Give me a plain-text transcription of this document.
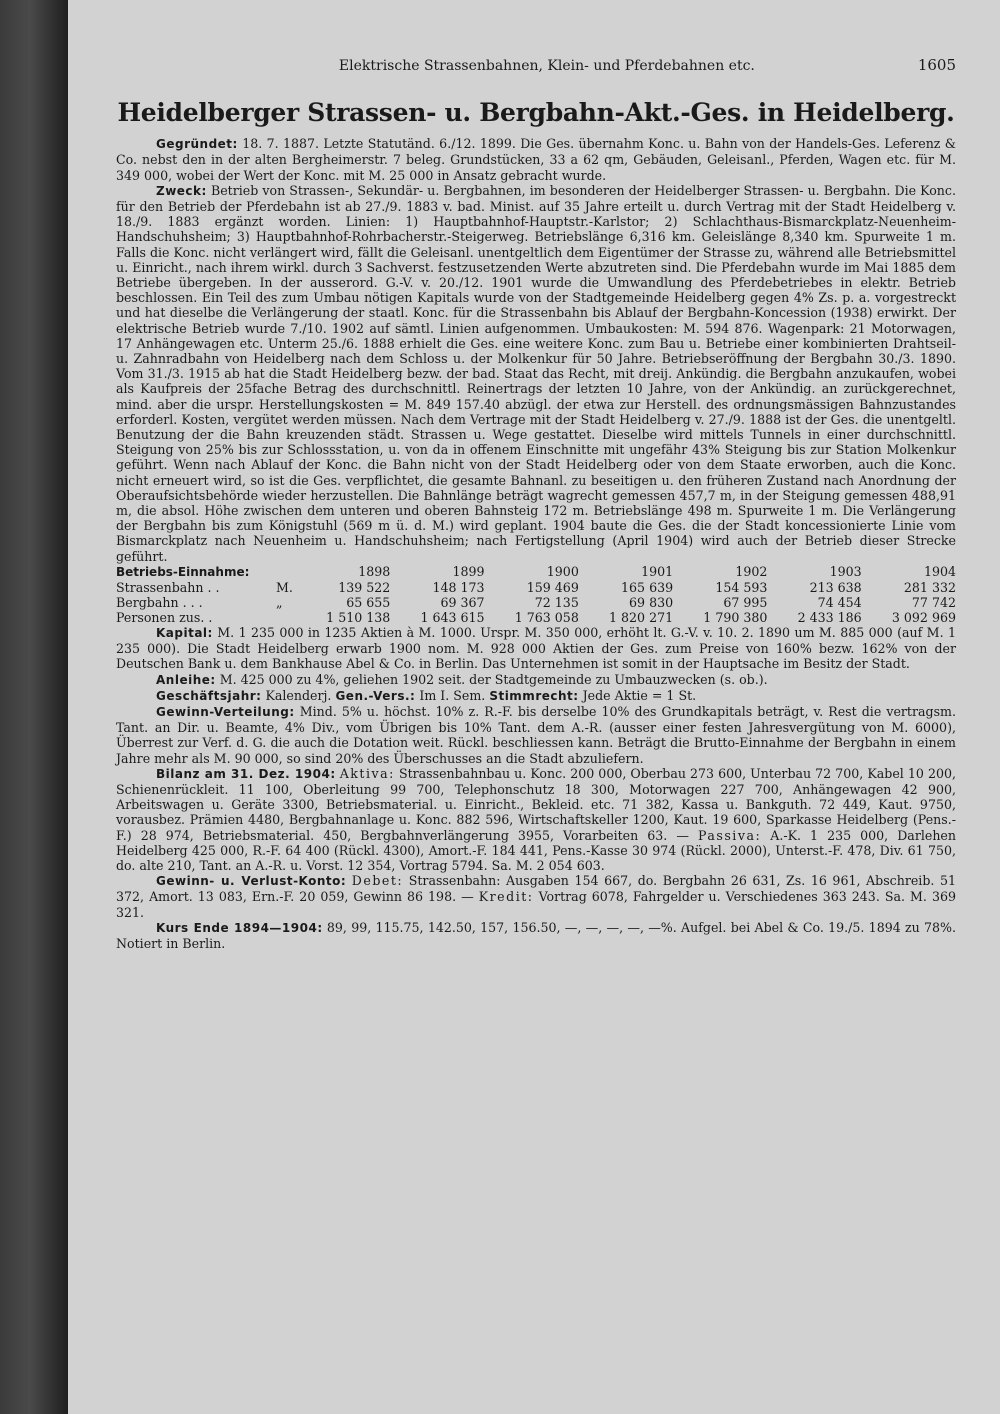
Elektrische Strassenbahnen, Klein- und Pferdebahnen etc.	1605
Heidelberger Strassen- u. Bergbahn-Akt.-Ges. in Heidelberg.

Gegründet: 18. 7. 1887. Letzte Statutänd. 6./12. 1899. Die Ges. übernahm Konc. u. Bahn von der Handels-Ges. Leferenz & Co. nebst den in der alten Bergheimerstr. 7 beleg. Grundstücken, 33 a 62 qm, Gebäuden, Geleisanl., Pferden, Wagen etc. für M. 349 000, wobei der Wert der Konc. mit M. 25 000 in Ansatz gebracht wurde.

Zweck: Betrieb von Strassen-, Sekundär- u. Bergbahnen, im besonderen der Heidelberger Strassen- u. Bergbahn. Die Konc. für den Betrieb der Pferdebahn ist ab 27./9. 1883 v. bad. Minist. auf 35 Jahre erteilt u. durch Vertrag mit der Stadt Heidelberg v. 18./9. 1883 ergänzt worden. Linien: 1) Hauptbahnhof-Hauptstr.-Karlstor; 2) Schlachthaus-Bismarckplatz-Neuenheim-Handschuhsheim; 3) Hauptbahnhof-Rohrbacherstr.-Steigerweg. Betriebslänge 6,316 km. Geleislänge 8,340 km. Spurweite 1 m. Falls die Konc. nicht verlängert wird, fällt die Geleisanl. unentgeltlich dem Eigentümer der Strasse zu, während alle Betriebsmittel u. Einricht., nach ihrem wirkl. durch 3 Sachverst. festzusetzenden Werte abzutreten sind. Die Pferdebahn wurde im Mai 1885 dem Betriebe übergeben. In der ausserord. G.-V. v. 20./12. 1901 wurde die Umwandlung des Pferdebetriebes in elektr. Betrieb beschlossen. Ein Teil des zum Umbau nötigen Kapitals wurde von der Stadtgemeinde Heidelberg gegen 4% Zs. p. a. vorgestreckt und hat dieselbe die Verlängerung der staatl. Konc. für die Strassenbahn bis Ablauf der Bergbahn-Koncession (1938) erwirkt. Der elektrische Betrieb wurde 7./10. 1902 auf sämtl. Linien aufgenommen. Umbaukosten: M. 594 876. Wagenpark: 21 Motorwagen, 17 Anhängewagen etc. Unterm 25./6. 1888 erhielt die Ges. eine weitere Konc. zum Bau u. Betriebe einer kombinierten Drahtseil- u. Zahnradbahn von Heidelberg nach dem Schloss u. der Molkenkur für 50 Jahre. Betriebseröffnung der Bergbahn 30./3. 1890. Vom 31./3. 1915 ab hat die Stadt Heidelberg bezw. der bad. Staat das Recht, mit dreij. Ankündig. die Bergbahn anzukaufen, wobei als Kaufpreis der 25fache Betrag des durchschnittl. Reinertrags der letzten 10 Jahre, von der Ankündig. an zurückgerechnet, mind. aber die urspr. Herstellungskosten = M. 849 157.40 abzügl. der etwa zur Herstell. des ordnungsmässigen Bahnzustandes erforderl. Kosten, vergütet werden müssen. Nach dem Vertrage mit der Stadt Heidelberg v. 27./9. 1888 ist der Ges. die unentgeltl. Benutzung der die Bahn kreuzenden städt. Strassen u. Wege gestattet. Dieselbe wird mittels Tunnels in einer durchschnittl. Steigung von 25% bis zur Schlossstation, u. von da in offenem Einschnitte mit ungefähr 43% Steigung bis zur Station Molkenkur geführt. Wenn nach Ablauf der Konc. die Bahn nicht von der Stadt Heidelberg oder von dem Staate erworben, auch die Konc. nicht erneuert wird, so ist die Ges. verpflichtet, die gesamte Bahnanl. zu beseitigen u. den früheren Zustand nach Anordnung der Oberaufsichtsbehörde wieder herzustellen. Die Bahnlänge beträgt wagrecht gemessen 457,7 m, in der Steigung gemessen 488,91 m, die absol. Höhe zwischen dem unteren und oberen Bahnsteig 172 m. Betriebslänge 498 m. Spurweite 1 m. Die Verlängerung der Bergbahn bis zum Königstuhl (569 m ü. d. M.) wird geplant. 1904 baute die Ges. die der Stadt koncessionierte Linie vom Bismarckplatz nach Neuenheim u. Handschuhsheim; nach Fertigstellung (April 1904) wird auch der Betrieb dieser Strecke geführt.

Betriebs-Einnahme:		1898	1899	1900	1901	1902	1903	1904
Strassenbahn . .	M.	139 522	148 173	159 469	165 639	154 593	213 638	281 332
Bergbahn . . .	„	65 655	69 367	72 135	69 830	67 995	74 454	77 742
Personen zus. .		1 510 138	1 643 615	1 763 058	1 820 271	1 790 380	2 433 186	3 092 969

Kapital: M. 1 235 000 in 1235 Aktien à M. 1000. Urspr. M. 350 000, erhöht lt. G.-V. v. 10. 2. 1890 um M. 885 000 (auf M. 1 235 000). Die Stadt Heidelberg erwarb 1900 nom. M. 928 000 Aktien der Ges. zum Preise von 160% bezw. 162% von der Deutschen Bank u. dem Bankhause Abel & Co. in Berlin. Das Unternehmen ist somit in der Hauptsache im Besitz der Stadt.

Anleihe: M. 425 000 zu 4%, geliehen 1902 seit. der Stadtgemeinde zu Umbauzwecken (s. ob.).

Geschäftsjahr: Kalenderj. Gen.-Vers.: Im I. Sem. Stimmrecht: Jede Aktie = 1 St.

Gewinn-Verteilung: Mind. 5% u. höchst. 10% z. R.-F. bis derselbe 10% des Grundkapitals beträgt, v. Rest die vertragsm. Tant. an Dir. u. Beamte, 4% Div., vom Übrigen bis 10% Tant. dem A.-R. (ausser einer festen Jahresvergütung von M. 6000), Überrest zur Verf. d. G. die auch die Dotation weit. Rückl. beschliessen kann. Beträgt die Brutto-Einnahme der Bergbahn in einem Jahre mehr als M. 90 000, so sind 20% des Überschusses an die Stadt abzuliefern.

Bilanz am 31. Dez. 1904: Aktiva: Strassenbahnbau u. Konc. 200 000, Oberbau 273 600, Unterbau 72 700, Kabel 10 200, Schienenrückleit. 11 100, Oberleitung 99 700, Telephonschutz 18 300, Motorwagen 227 700, Anhängewagen 42 900, Arbeitswagen u. Geräte 3300, Betriebsmaterial. u. Einricht., Bekleid. etc. 71 382, Kassa u. Bankguth. 72 449, Kaut. 9750, vorausbez. Prämien 4480, Bergbahnanlage u. Konc. 882 596, Wirtschaftskeller 1200, Kaut. 19 600, Sparkasse Heidelberg (Pens.-F.) 28 974, Betriebsmaterial. 450, Bergbahnverlängerung 3955, Vorarbeiten 63. — Passiva: A.-K. 1 235 000, Darlehen Heidelberg 425 000, R.-F. 64 400 (Rückl. 4300), Amort.-F. 184 441, Pens.-Kasse 30 974 (Rückl. 2000), Unterst.-F. 478, Div. 61 750, do. alte 210, Tant. an A.-R. u. Vorst. 12 354, Vortrag 5794. Sa. M. 2 054 603.

Gewinn- u. Verlust-Konto: Debet: Strassenbahn: Ausgaben 154 667, do. Bergbahn 26 631, Zs. 16 961, Abschreib. 51 372, Amort. 13 083, Ern.-F. 20 059, Gewinn 86 198. — Kredit: Vortrag 6078, Fahrgelder u. Verschiedenes 363 243. Sa. M. 369 321.

Kurs Ende 1894—1904: 89, 99, 115.75, 142.50, 157, 156.50, —, —, —, —, —%. Aufgel. bei Abel & Co. 19./5. 1894 zu 78%. Notiert in Berlin.
